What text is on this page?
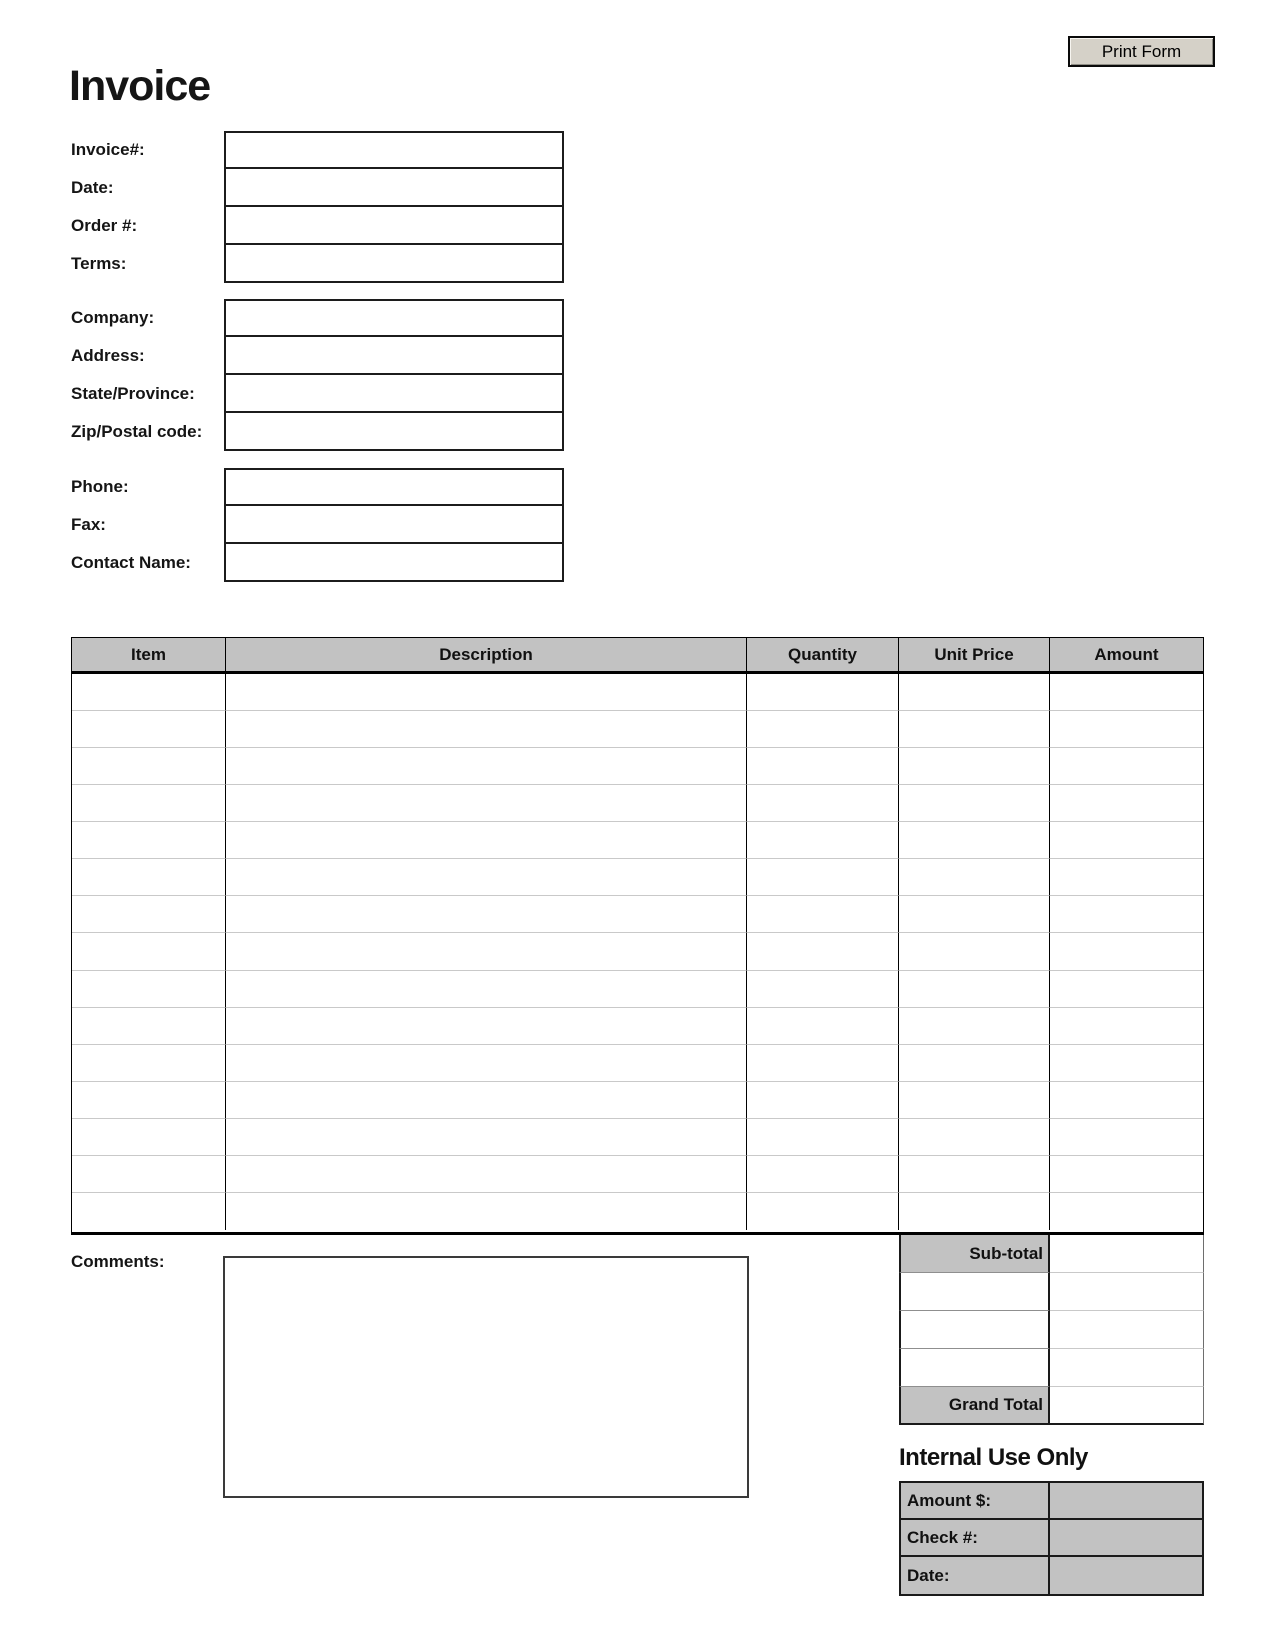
Print Form
Invoice
Invoice#:
Date:
Order #:
Terms:
Company:
Address:
State/Province:
Zip/Postal code:
Phone:
Fax:
Contact Name:
Item	Description	Quantity	Unit Price	Amount
Sub-total
Grand Total
Comments:
Internal Use Only
Amount $:
Check #:
Date:
